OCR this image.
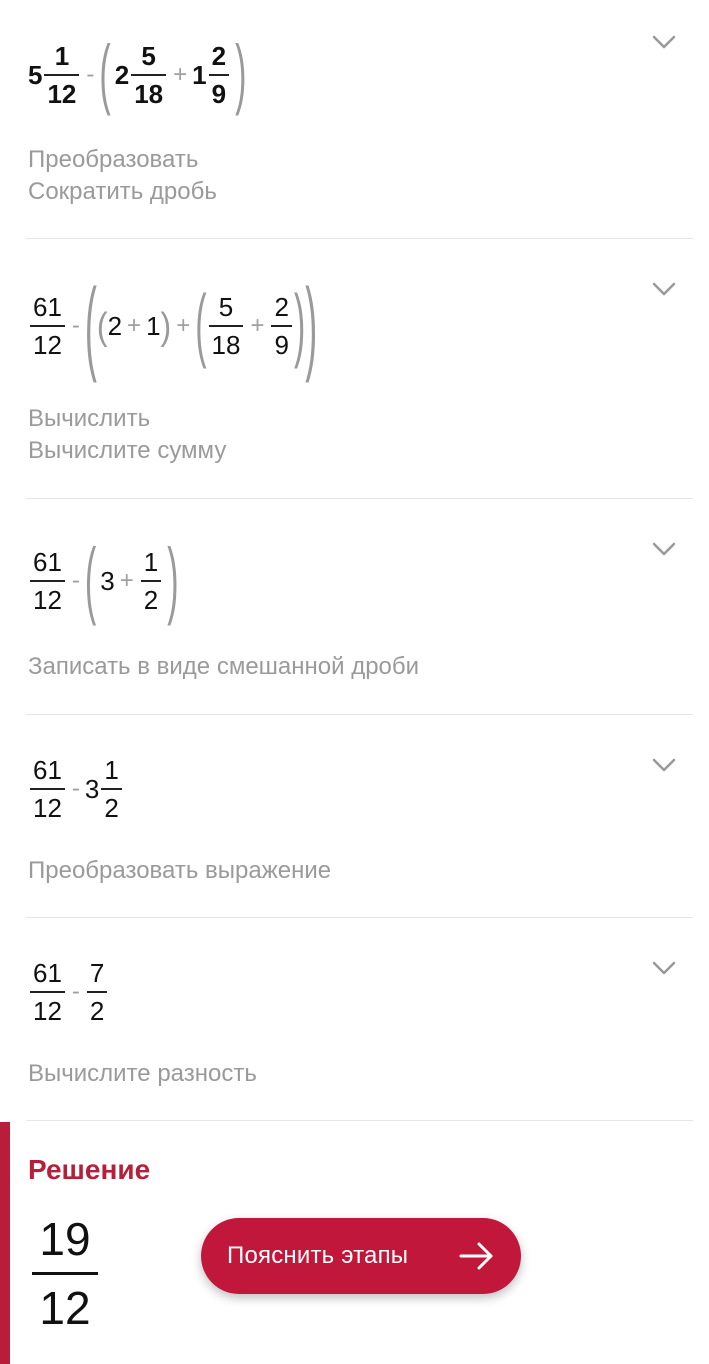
$5 \frac{1}{12}$ - ( $2 \frac{5}{18} + 1 \frac{2}{9}$ )
Преобразовать
Сократить дробь
$\frac{61}{12}$ - ( ( 2 + 1 ) + ( $\frac{5}{18} + \frac{2}{9}$ ) )
Вычислить
Вычислите сумму
$\frac{61}{12}$ - ( $3 + \frac{1}{2}$ )
Записать в виде смешанной дроби
$\frac{61}{12} - 3 \frac{1}{2}$
Преобразовать выражение
$\frac{61}{12} - \frac{7}{2}$
Вычислите разность
Решение
19
12
Пояснить этапы
